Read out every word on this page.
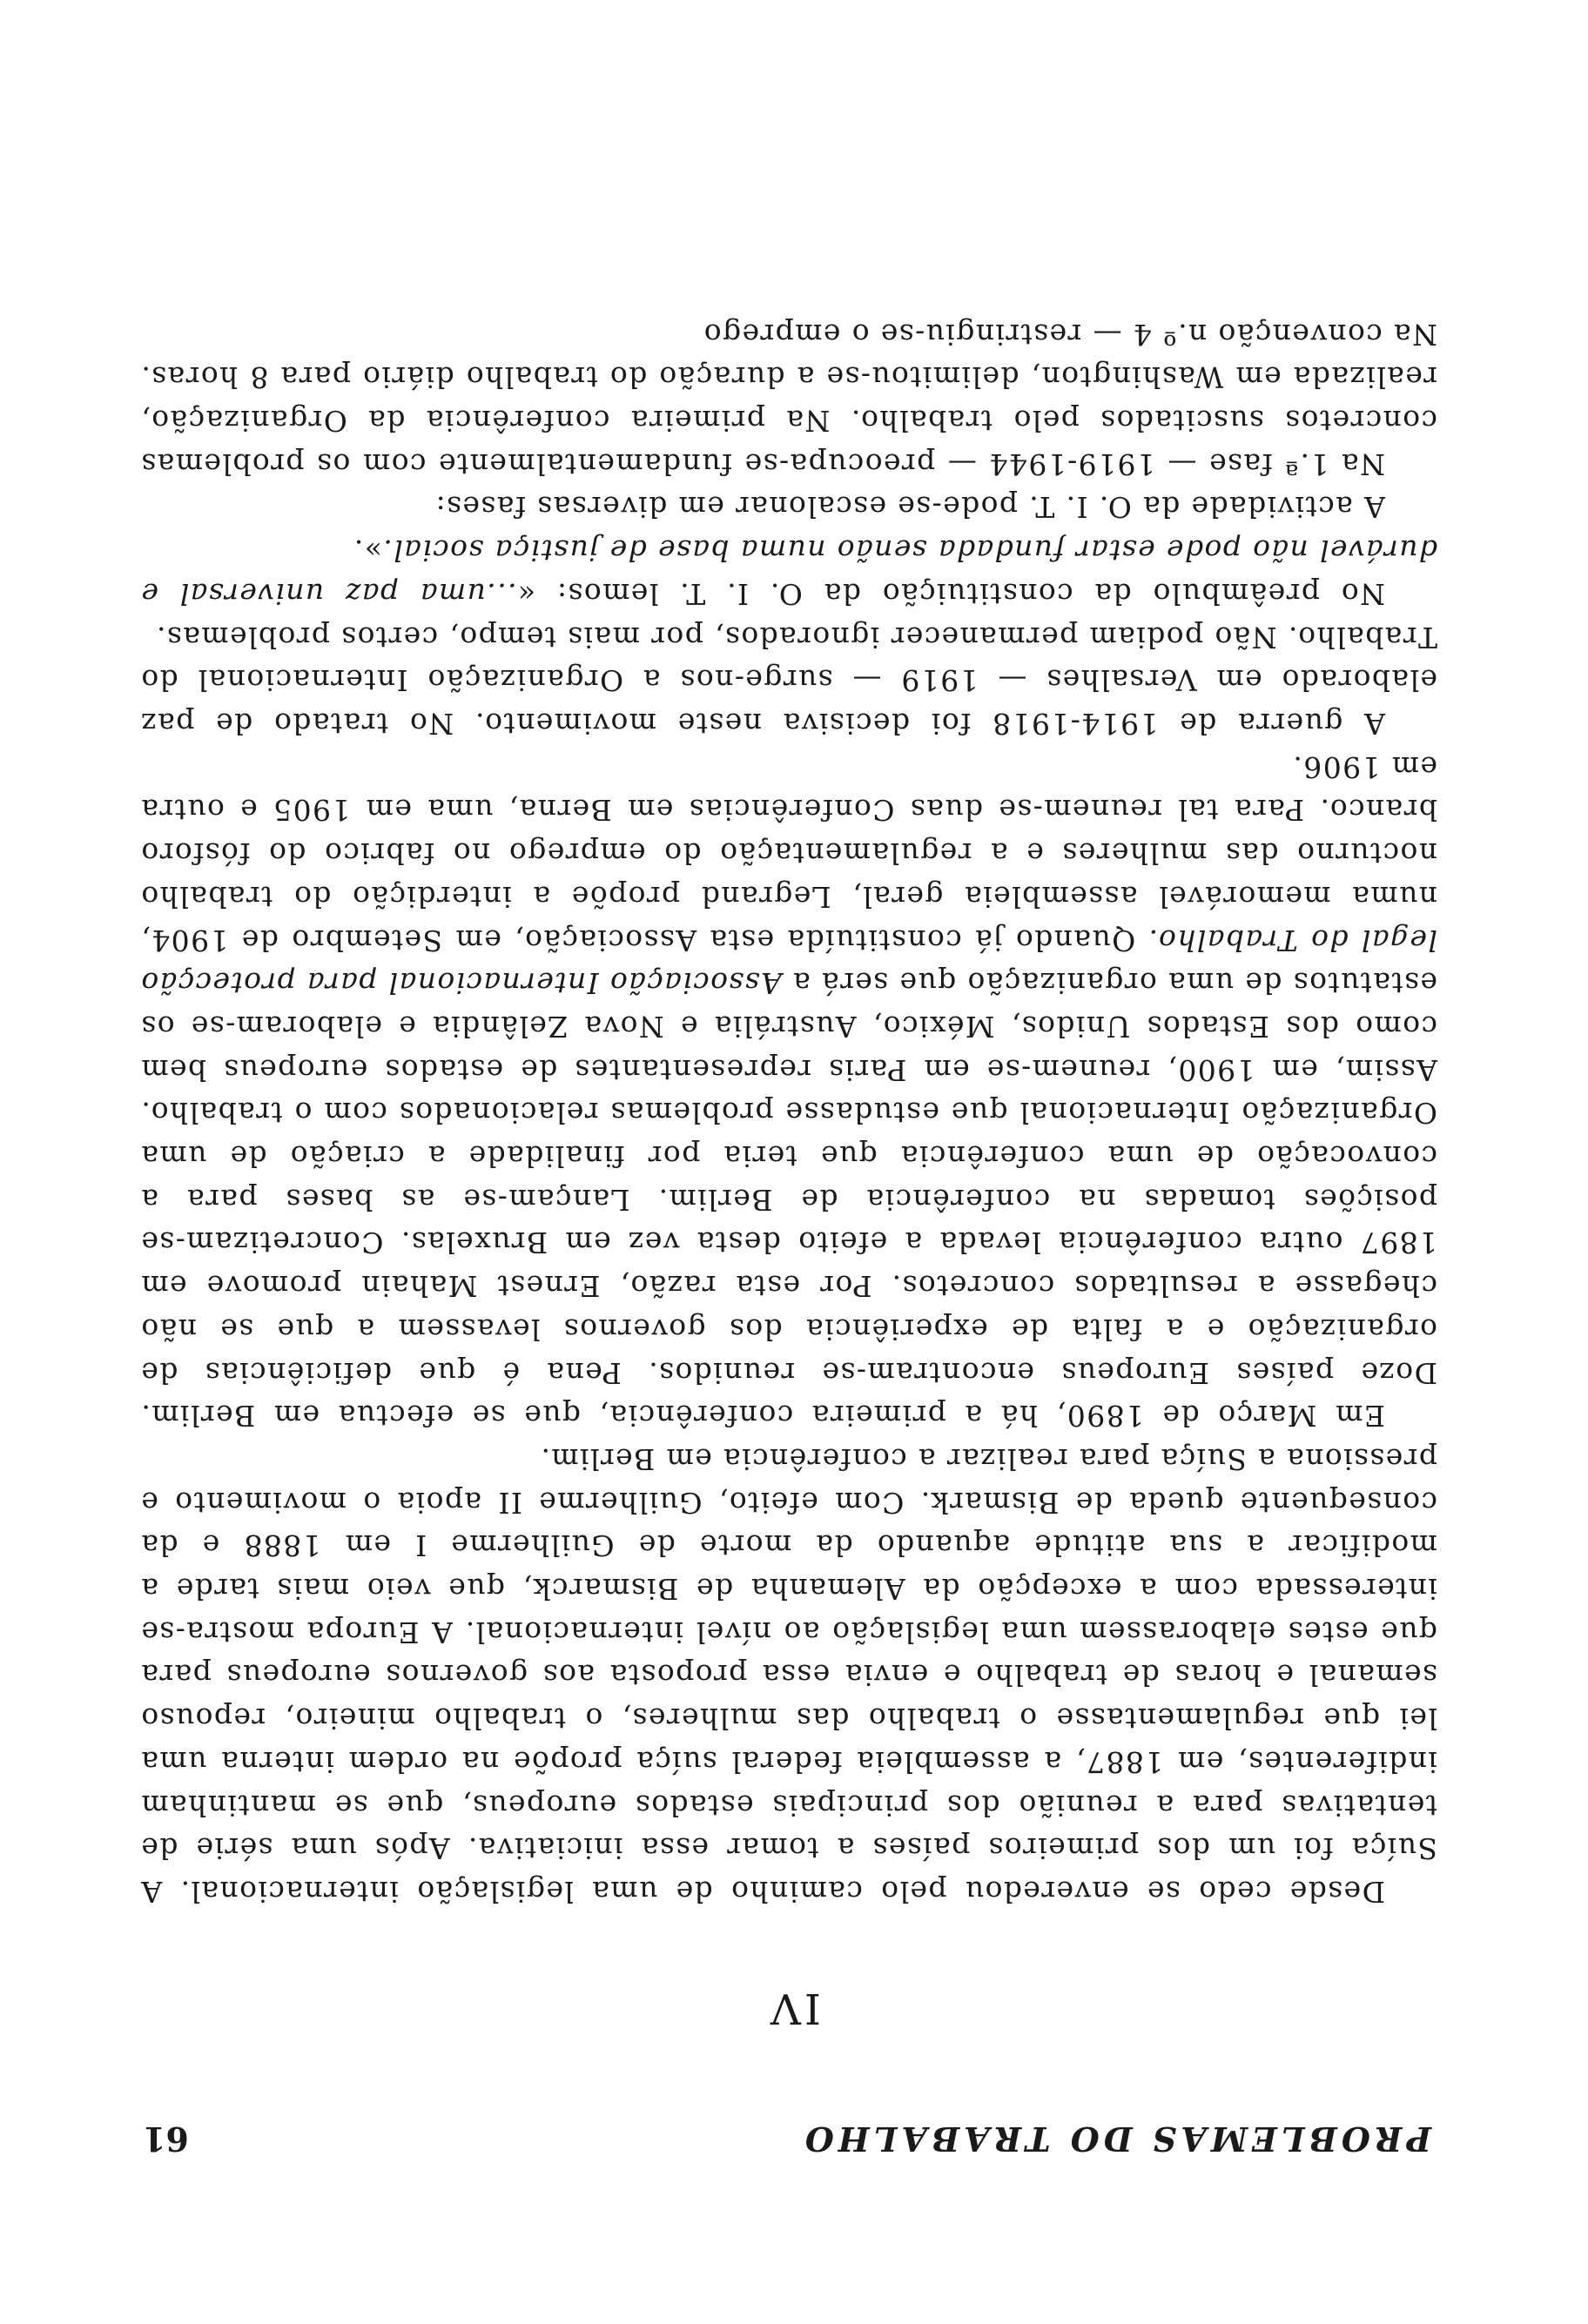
PROBLEMAS DO TRABALHO
61
IV

Desde cedo se enveredou pelo caminho de uma legislação internacional. A Suíça foi um dos primeiros países a tomar essa iniciativa. Após uma série de tentativas para a reunião dos principais estados europeus, que se mantinham indiferentes, em 1887, a assembleia federal suíça propõe na ordem interna uma lei que regulamentasse o trabalho das mulheres, o trabalho mineiro, repouso semanal e horas de trabalho e envia essa proposta aos governos europeus para que estes elaborassem uma legislação ao nível internacional. A Europa mostra-se interessada com a excepção da Alemanha de Bismarck, que veio mais tarde a modificar a sua atitude aquando da morte de Guilherme I em 1888 e da consequente queda de Bismark. Com efeito, Guilherme II apoia o movimento e pressiona a Suíça para realizar a conferência em Berlim.

Em Março de 1890, há a primeira conferência, que se efectua em Berlim. Doze países Europeus encontram-se reunidos. Pena é que deficiências de organização e a falta de experiência dos governos levassem a que se não chegasse a resultados concretos. Por esta razão, Ernest Mahain promove em 1897 outra conferência levada a efeito desta vez em Bruxelas. Concretizam-se posições tomadas na conferência de Berlim. Lançam-se as bases para a convocação de uma conferência que teria por finalidade a criação de uma Organização Internacional que estudasse problemas relacionados com o trabalho. Assim, em 1900, reunem-se em Paris representantes de estados europeus bem como dos Estados Unidos, México, Austrália e Nova Zelândia e elaboram-se os estatutos de uma organização que será a Associação Internacional para protecção legal do Trabalho. Quando já constituída esta Associação, em Setembro de 1904, numa memorável assembleia geral, Legrand propõe a interdição do trabalho nocturno das mulheres e a regulamentação do emprego no fabrico do fósforo branco. Para tal reunem-se duas Conferências em Berna, uma em 1905 e outra em 1906.

A guerra de 1914-1918 foi decisiva neste movimento. No tratado de paz elaborado em Versalhes — 1919 — surge-nos a Organização Internacional do Trabalho. Não podiam permanecer ignorados, por mais tempo, certos problemas.

No preâmbulo da constituição da O. I. T. lemos: «...uma paz universal e durável não pode estar fundada senão numa base de justiça social.».

A actividade da O. I. T. pode-se escalonar em diversas fases:

Na 1.ª fase — 1919-1944 — preocupa-se fundamentalmente com os problemas concretos suscitados pelo trabalho. Na primeira conferência da Organização, realizada em Washington, delimitou-se a duração do trabalho diário para 8 horas. Na convenção n.º 4 — restringiu-se o emprego
